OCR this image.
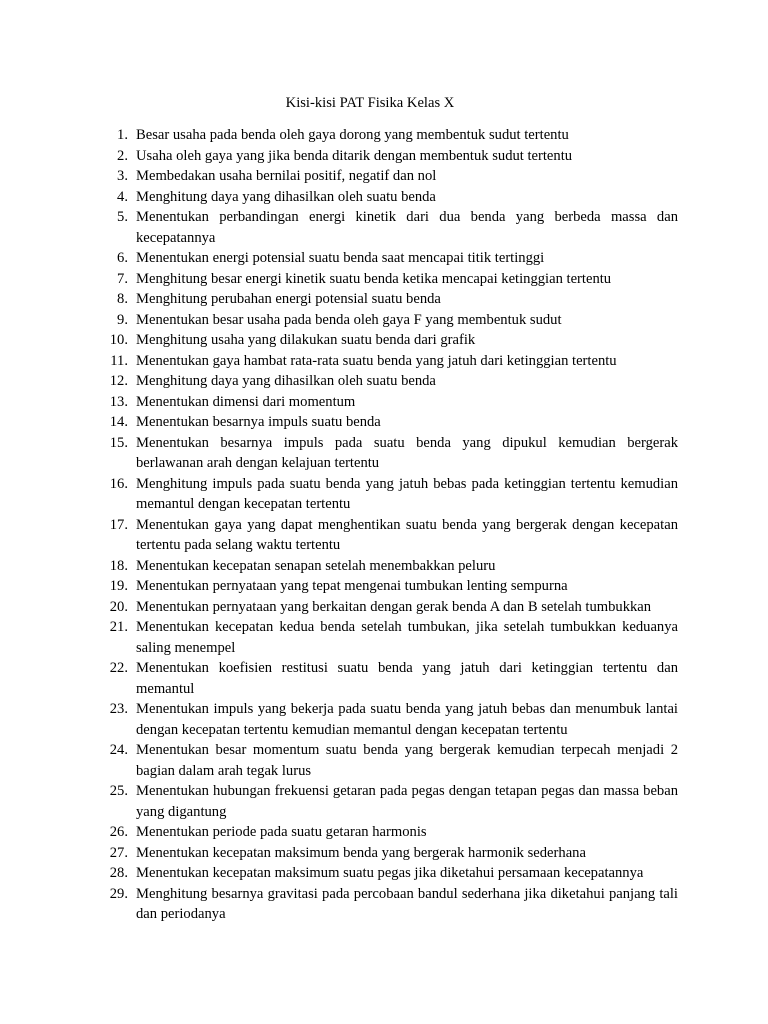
Kisi-kisi PAT Fisika Kelas X
1. Besar usaha pada benda oleh gaya dorong yang membentuk sudut tertentu
2. Usaha oleh gaya yang jika benda ditarik dengan membentuk sudut tertentu
3. Membedakan usaha bernilai positif, negatif dan nol
4. Menghitung daya yang dihasilkan oleh suatu benda
5. Menentukan perbandingan energi kinetik dari dua benda yang berbeda massa dan kecepatannya
6. Menentukan energi potensial suatu benda saat mencapai titik tertinggi
7. Menghitung besar energi kinetik suatu benda ketika mencapai ketinggian tertentu
8. Menghitung perubahan energi potensial suatu benda
9. Menentukan besar usaha pada benda oleh gaya F yang membentuk sudut
10. Menghitung usaha yang dilakukan suatu benda dari grafik
11. Menentukan gaya hambat rata-rata suatu benda yang jatuh dari ketinggian tertentu
12. Menghitung daya yang dihasilkan oleh suatu benda
13. Menentukan dimensi dari momentum
14. Menentukan besarnya impuls suatu benda
15. Menentukan besarnya impuls pada suatu benda yang dipukul kemudian bergerak berlawanan arah dengan kelajuan tertentu
16. Menghitung impuls pada suatu benda yang jatuh bebas pada ketinggian tertentu kemudian memantul dengan kecepatan tertentu
17. Menentukan gaya yang dapat menghentikan suatu benda yang bergerak dengan kecepatan tertentu pada selang waktu tertentu
18. Menentukan kecepatan senapan setelah menembakkan peluru
19. Menentukan pernyataan yang tepat mengenai tumbukan lenting sempurna
20. Menentukan pernyataan yang berkaitan dengan gerak benda A dan B setelah tumbukkan
21. Menentukan kecepatan kedua benda setelah tumbukan, jika setelah tumbukkan keduanya saling menempel
22. Menentukan koefisien restitusi suatu benda yang jatuh dari ketinggian tertentu dan memantul
23. Menentukan impuls yang bekerja pada suatu benda yang jatuh bebas dan menumbuk lantai dengan kecepatan tertentu kemudian memantul dengan kecepatan tertentu
24. Menentukan besar momentum suatu benda yang bergerak kemudian terpecah menjadi 2 bagian dalam arah tegak lurus
25. Menentukan hubungan frekuensi getaran pada pegas dengan tetapan pegas dan massa beban yang digantung
26. Menentukan periode pada suatu getaran harmonis
27. Menentukan kecepatan maksimum benda yang bergerak harmonik sederhana
28. Menentukan kecepatan maksimum suatu pegas jika diketahui persamaan kecepatannya
29. Menghitung besarnya gravitasi pada percobaan bandul sederhana jika diketahui panjang tali dan periodanya
